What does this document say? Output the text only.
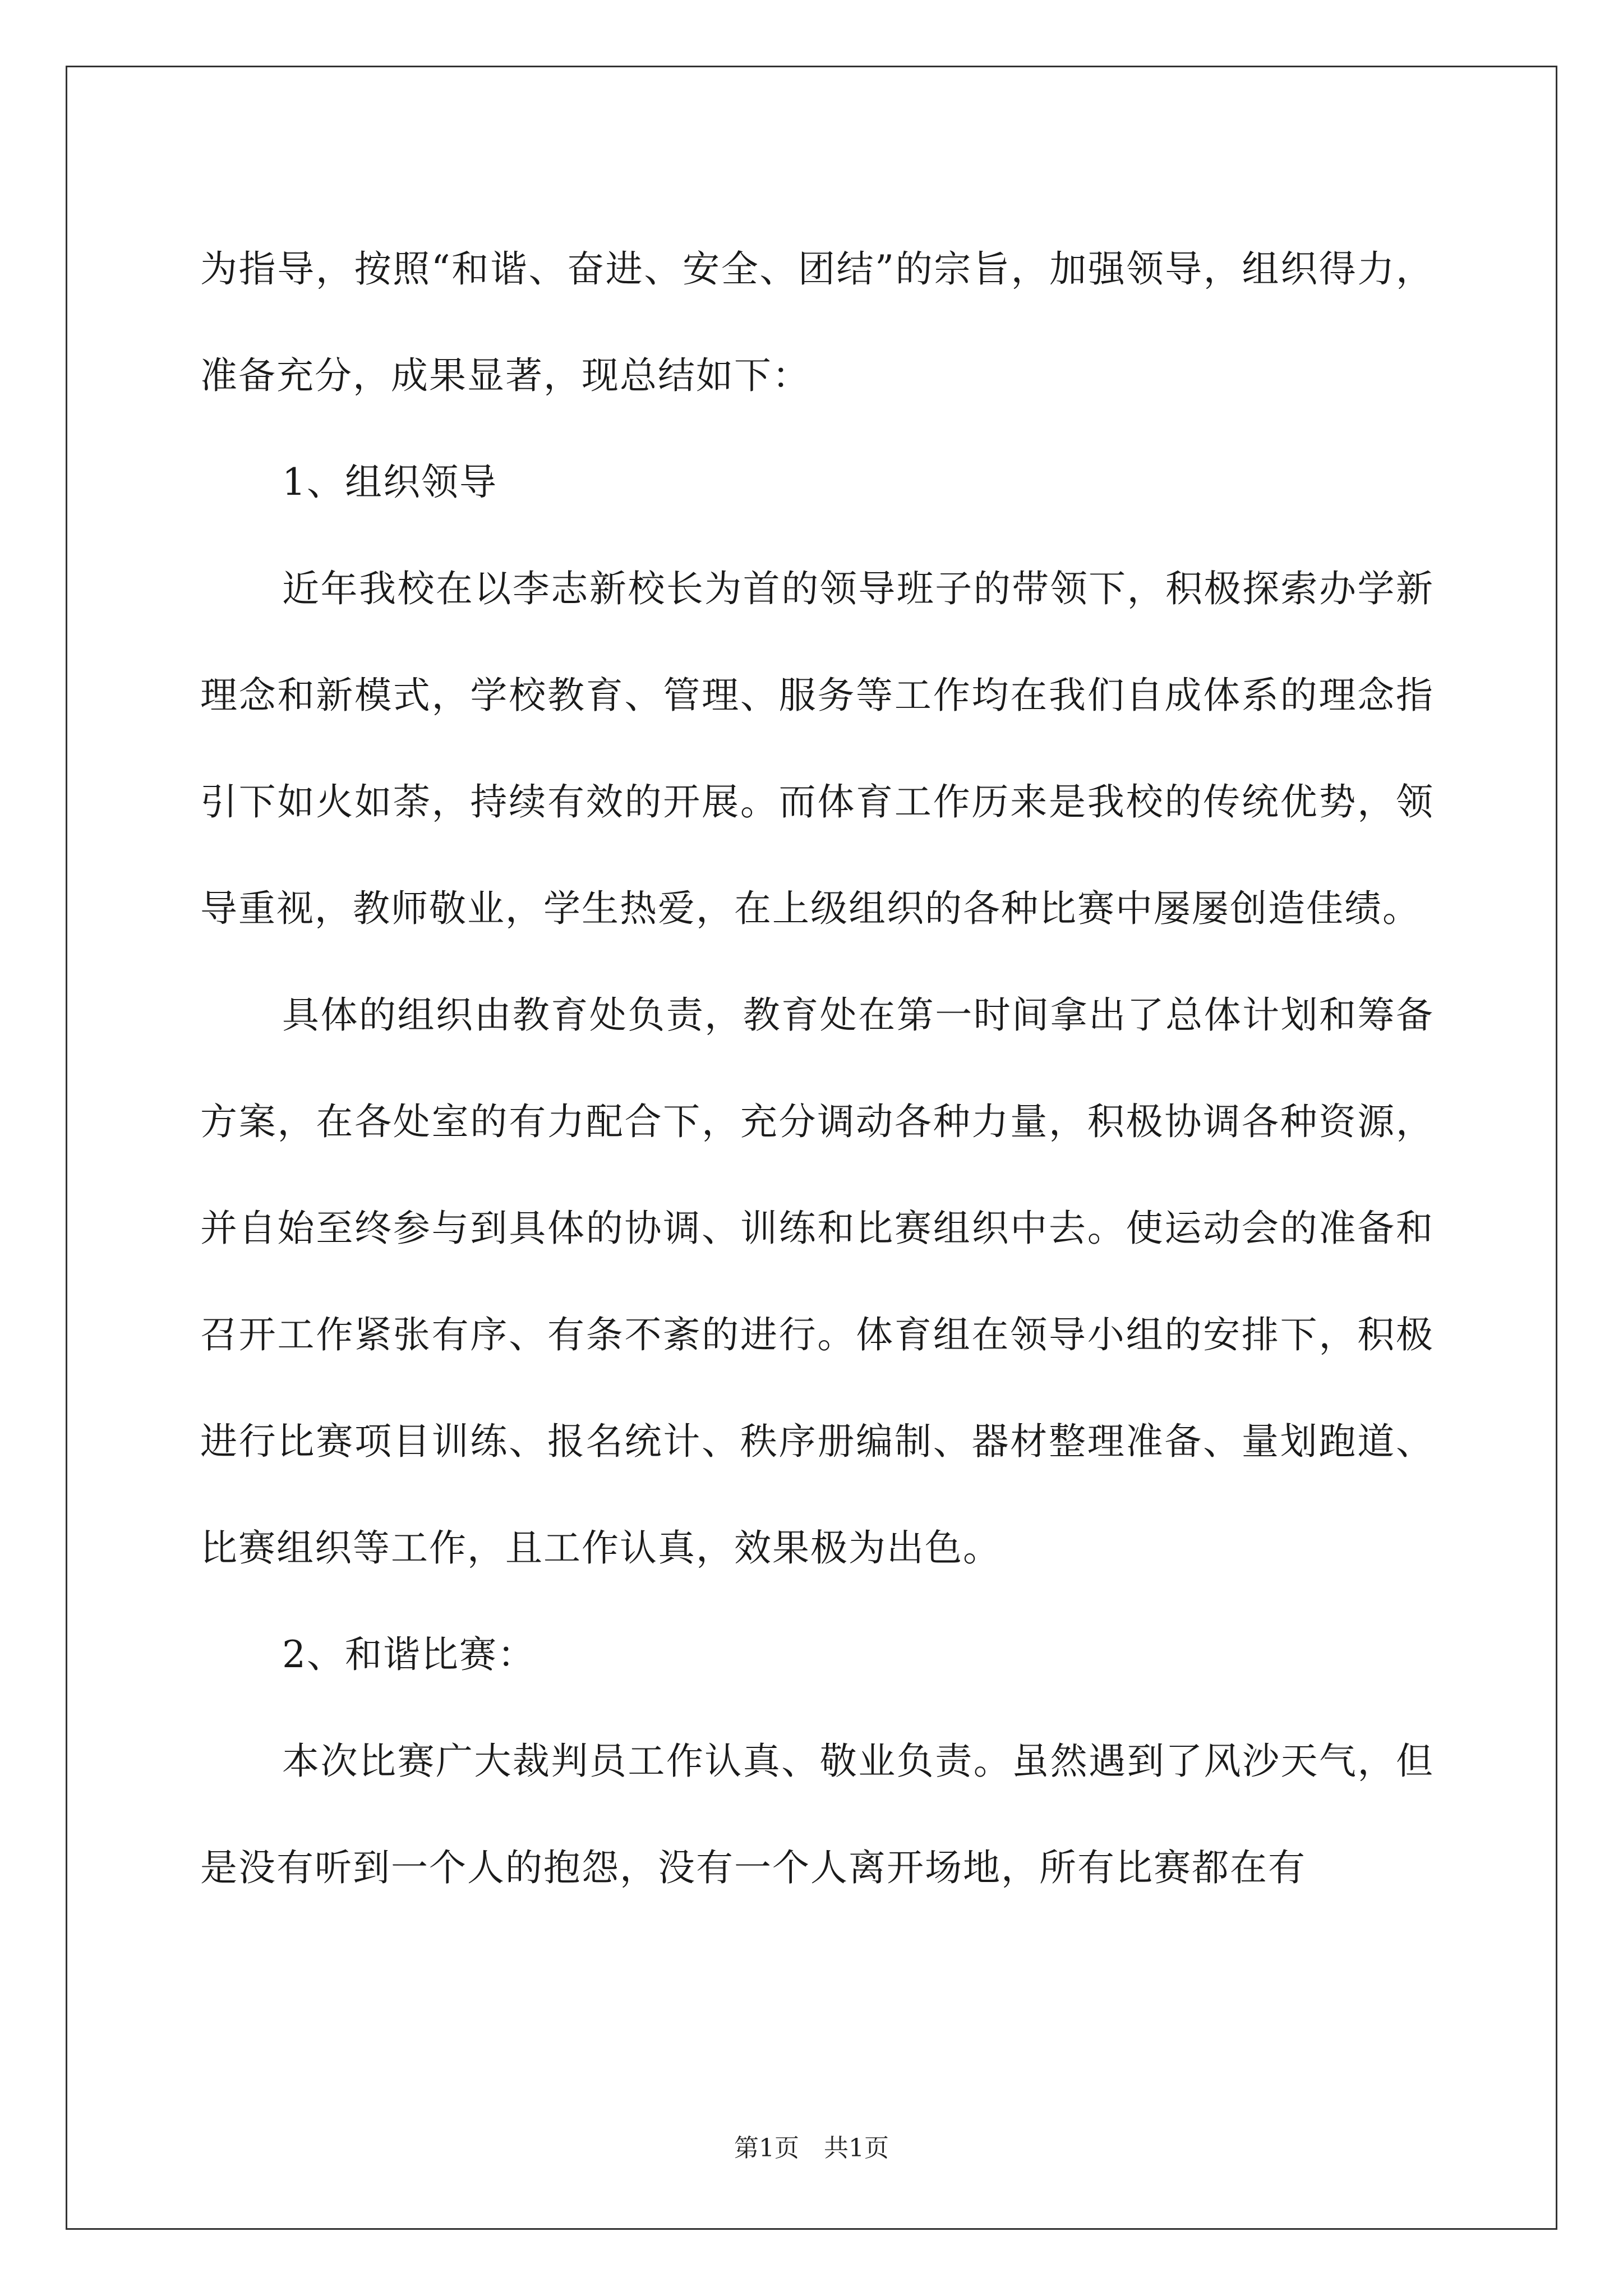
为指导，按照“和谐、奋进、安全、团结”的宗旨，加强领导，组织得力，准备充分，成果显著，现总结如下：

1、组织领导

近年我校在以李志新校长为首的领导班子的带领下，积极探索办学新理念和新模式，学校教育、管理、服务等工作均在我们自成体系的理念指引下如火如荼，持续有效的开展。而体育工作历来是我校的传统优势，领导重视，教师敬业，学生热爱，在上级组织的各种比赛中屡屡创造佳绩。

具体的组织由教育处负责，教育处在第一时间拿出了总体计划和筹备方案，在各处室的有力配合下，充分调动各种力量，积极协调各种资源，并自始至终参与到具体的协调、训练和比赛组织中去。使运动会的准备和召开工作紧张有序、有条不紊的进行。体育组在领导小组的安排下，积极进行比赛项目训练、报名统计、秩序册编制、器材整理准备、量划跑道、比赛组织等工作，且工作认真，效果极为出色。

2、和谐比赛：

本次比赛广大裁判员工作认真、敬业负责。虽然遇到了风沙天气，但是没有听到一个人的抱怨，没有一个人离开场地，所有比赛都在有

第1页　共1页
